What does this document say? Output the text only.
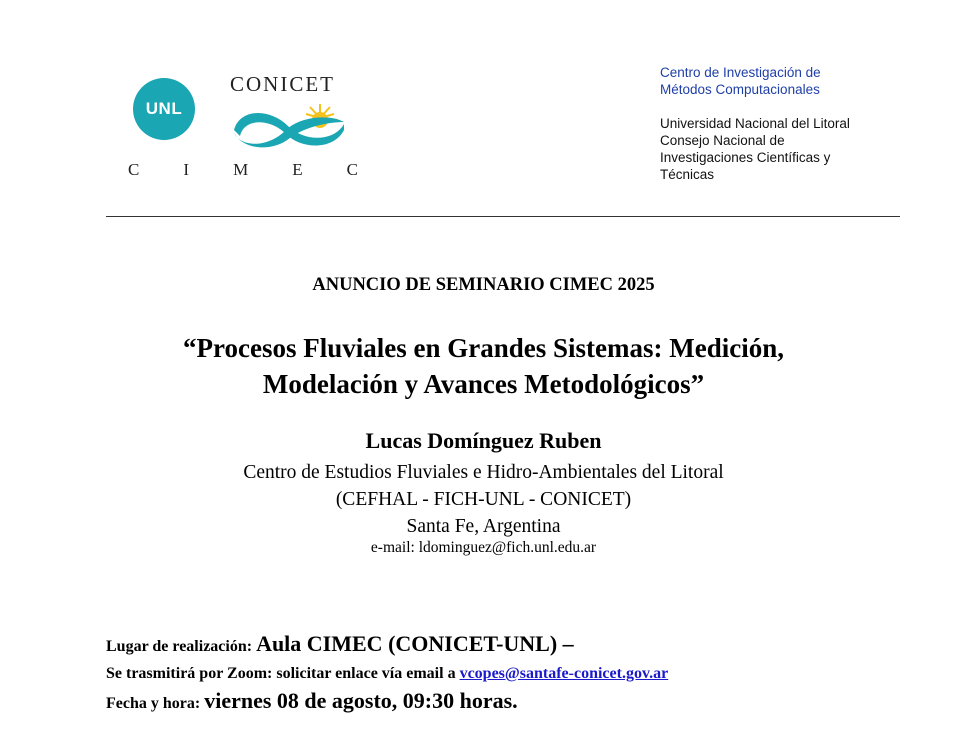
UNL
CONICET
C	I	M	E	C
Centro de Investigación de
Métodos Computacionales
Universidad Nacional del Litoral
Consejo Nacional de
Investigaciones Científicas y
Técnicas
ANUNCIO DE SEMINARIO CIMEC 2025
“Procesos Fluviales en Grandes Sistemas: Medición,
Modelación y Avances Metodológicos”
Lucas Domínguez Ruben
Centro de Estudios Fluviales e Hidro-Ambientales del Litoral
(CEFHAL - FICH-UNL - CONICET)
Santa Fe, Argentina
e-mail: ldominguez@fich.unl.edu.ar
Lugar de realización: Aula CIMEC (CONICET-UNL) –
Se trasmitirá por Zoom: solicitar enlace vía email a vcopes@santafe-conicet.gov.ar
Fecha y hora: viernes 08 de agosto, 09:30 horas.
